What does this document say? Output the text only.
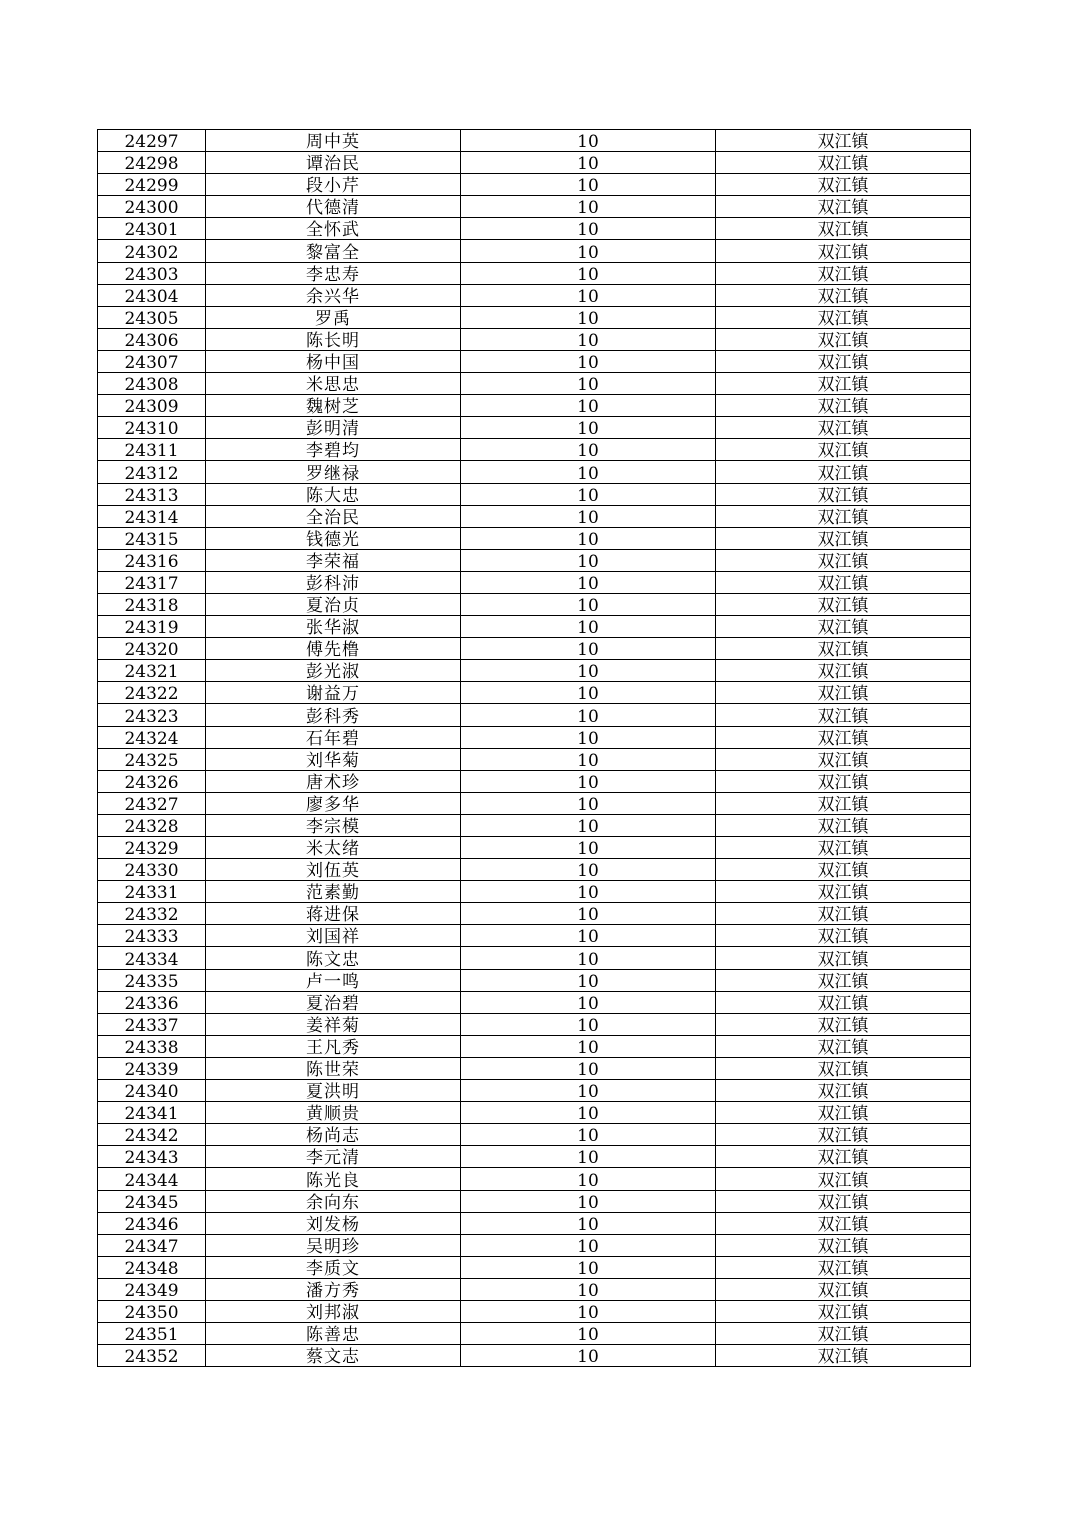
24297	周中英	10	双江镇
24298	谭治民	10	双江镇
24299	段小芹	10	双江镇
24300	代德清	10	双江镇
24301	全怀武	10	双江镇
24302	黎富全	10	双江镇
24303	李忠寿	10	双江镇
24304	余兴华	10	双江镇
24305	罗禹	10	双江镇
24306	陈长明	10	双江镇
24307	杨中国	10	双江镇
24308	米思忠	10	双江镇
24309	魏树芝	10	双江镇
24310	彭明清	10	双江镇
24311	李碧均	10	双江镇
24312	罗继禄	10	双江镇
24313	陈大忠	10	双江镇
24314	全治民	10	双江镇
24315	钱德光	10	双江镇
24316	李荣福	10	双江镇
24317	彭科沛	10	双江镇
24318	夏治贞	10	双江镇
24319	张华淑	10	双江镇
24320	傅先橹	10	双江镇
24321	彭光淑	10	双江镇
24322	谢益万	10	双江镇
24323	彭科秀	10	双江镇
24324	石年碧	10	双江镇
24325	刘华菊	10	双江镇
24326	唐术珍	10	双江镇
24327	廖多华	10	双江镇
24328	李宗模	10	双江镇
24329	米太绪	10	双江镇
24330	刘伍英	10	双江镇
24331	范素勤	10	双江镇
24332	蒋进保	10	双江镇
24333	刘国祥	10	双江镇
24334	陈文忠	10	双江镇
24335	卢一鸣	10	双江镇
24336	夏治碧	10	双江镇
24337	姜祥菊	10	双江镇
24338	王凡秀	10	双江镇
24339	陈世荣	10	双江镇
24340	夏洪明	10	双江镇
24341	黄顺贵	10	双江镇
24342	杨尚志	10	双江镇
24343	李元清	10	双江镇
24344	陈光良	10	双江镇
24345	余向东	10	双江镇
24346	刘发杨	10	双江镇
24347	吴明珍	10	双江镇
24348	李质文	10	双江镇
24349	潘方秀	10	双江镇
24350	刘邦淑	10	双江镇
24351	陈善忠	10	双江镇
24352	蔡文志	10	双江镇
